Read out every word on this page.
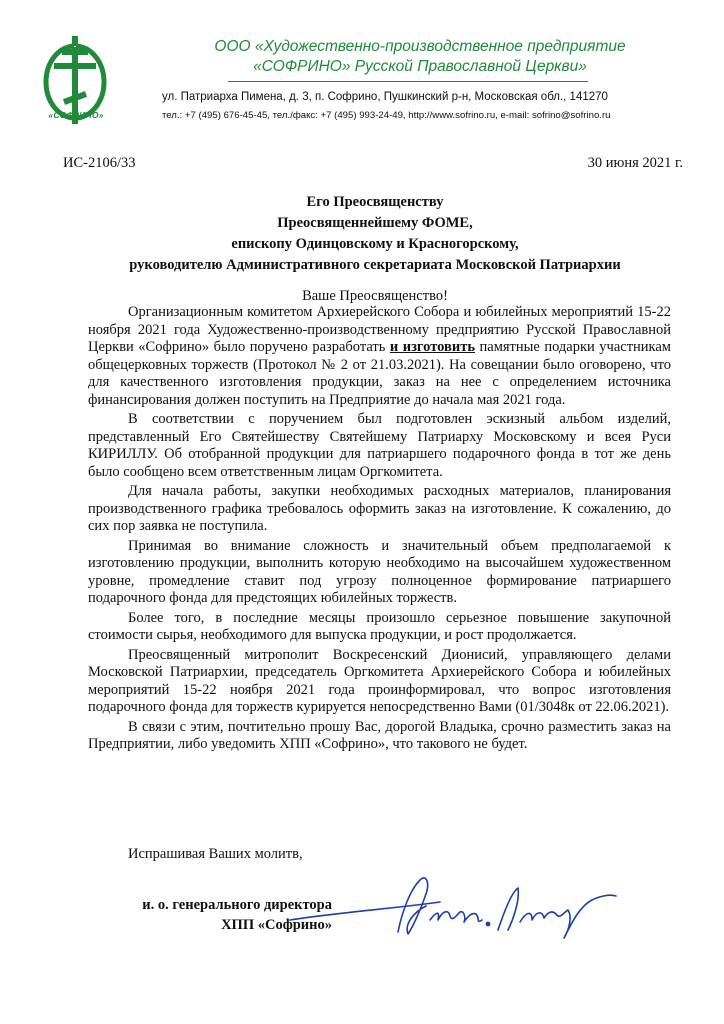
«СОФРИНО»
ООО «Художественно-производственное предприятие
«СОФРИНО» Русской Православной Церкви»
ул. Патриарха Пимена, д. 3, п. Софрино, Пушкинский р-н, Московская обл., 141270
тел.: +7 (495) 676-45-45, тел./факс: +7 (495) 993-24-49, http://www.sofrino.ru, e-mail: sofrino@sofrino.ru
ИС-2106/33	30 июня 2021 г.
Его Преосвященству
Преосвященнейшему ФОМЕ,
епископу Одинцовскому и Красногорскому,
руководителю Административного секретариата Московской Патриархии
Ваше Преосвященство!

Организационным комитетом Архиерейского Собора и юбилейных мероприятий 15-22 ноября 2021 года Художественно-производственному предприятию Русской Православной Церкви «Софрино» было поручено разработать и изготовить памятные подарки участникам общецерковных торжеств (Протокол № 2 от 21.03.2021). На совещании было оговорено, что для качественного изготовления продукции, заказ на нее с определением источника финансирования должен поступить на Предприятие до начала мая 2021 года.

В соответствии с поручением был подготовлен эскизный альбом изделий, представленный Его Святейшеству Святейшему Патриарху Московскому и всея Руси КИРИЛЛУ. Об отобранной продукции для патриаршего подарочного фонда в тот же день было сообщено всем ответственным лицам Оргкомитета.

Для начала работы, закупки необходимых расходных материалов, планирования производственного графика требовалось оформить заказ на изготовление. К сожалению, до сих пор заявка не поступила.

Принимая во внимание сложность и значительный объем предполагаемой к изготовлению продукции, выполнить которую необходимо на высочайшем художественном уровне, промедление ставит под угрозу полноценное формирование патриаршего подарочного фонда для предстоящих юбилейных торжеств.

Более того, в последние месяцы произошло серьезное повышение закупочной стоимости сырья, необходимого для выпуска продукции, и рост продолжается.

Преосвященный митрополит Воскресенский Дионисий, управляющего делами Московской Патриархии, председатель Оргкомитета Архиерейского Собора и юбилейных мероприятий 15-22 ноября 2021 года проинформировал, что вопрос изготовления подарочного фонда для торжеств курируется непосредственно Вами (01/3048к от 22.06.2021).

В связи с этим, почтительно прошу Вас, дорогой Владыка, срочно разместить заказ на Предприятии, либо уведомить ХПП «Софрино», что такового не будет.

Испрашивая Ваших молитв,
и. о. генерального директора
ХПП «Софрино»
